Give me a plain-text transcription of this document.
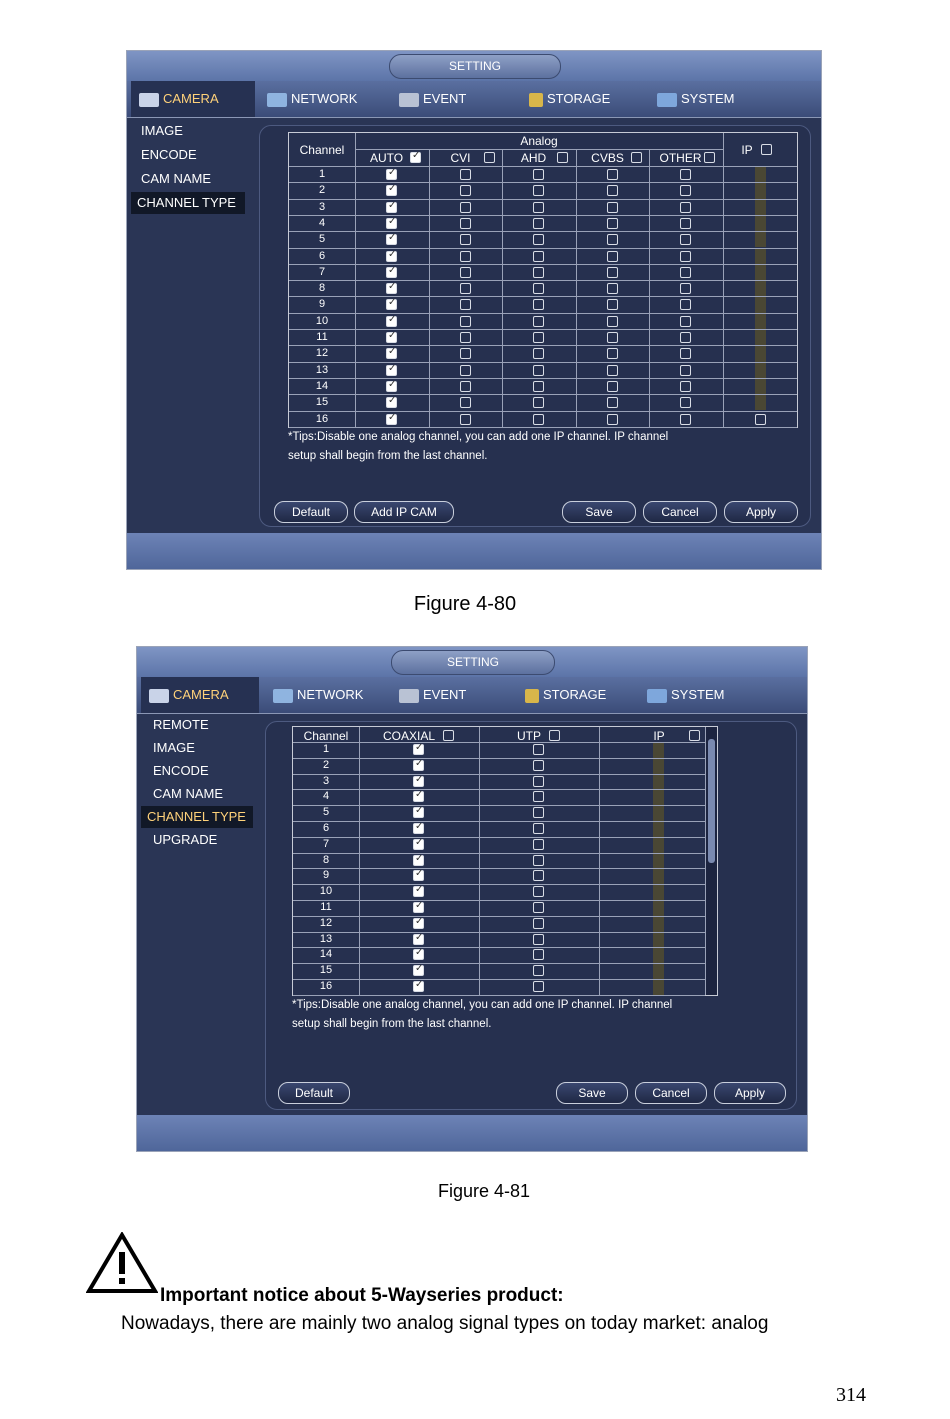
SETTING
CAMERA	NETWORK	EVENT	STORAGE	SYSTEM
IMAGE
ENCODE
CAM NAME
CHANNEL TYPE
Channel
Analog
IP
AUTO
✓	CVI	AHD	CVBS	OTHER
1
✓
2
✓
3
✓
4
✓
5
✓
6
✓
7
✓
8
✓
9
✓
10
✓
11
✓
12
✓
13
✓
14
✓
15
✓
16
✓
*Tips:Disable one analog channel, you can add one IP channel. IP channel
setup shall begin from the last channel.
Default	Add IP CAM	Save	Cancel	Apply
Figure 4-80
SETTING
CAMERA	NETWORK	EVENT	STORAGE	SYSTEM
REMOTE
IMAGE
ENCODE
CAM NAME
CHANNEL TYPE
UPGRADE
Channel	COAXIAL	UTP	IP
1
✓
2
✓
3
✓
4
✓
5
✓
6
✓
7
✓
8
✓
9
✓
10
✓
11
✓
12
✓
13
✓
14
✓
15
✓
16
✓
*Tips:Disable one analog channel, you can add one IP channel. IP channel
setup shall begin from the last channel.
Default	Save	Cancel	Apply
Figure 4-81
Important notice about 5-Wayseries product:
Nowadays, there are mainly two analog signal types on today market: analog
314
